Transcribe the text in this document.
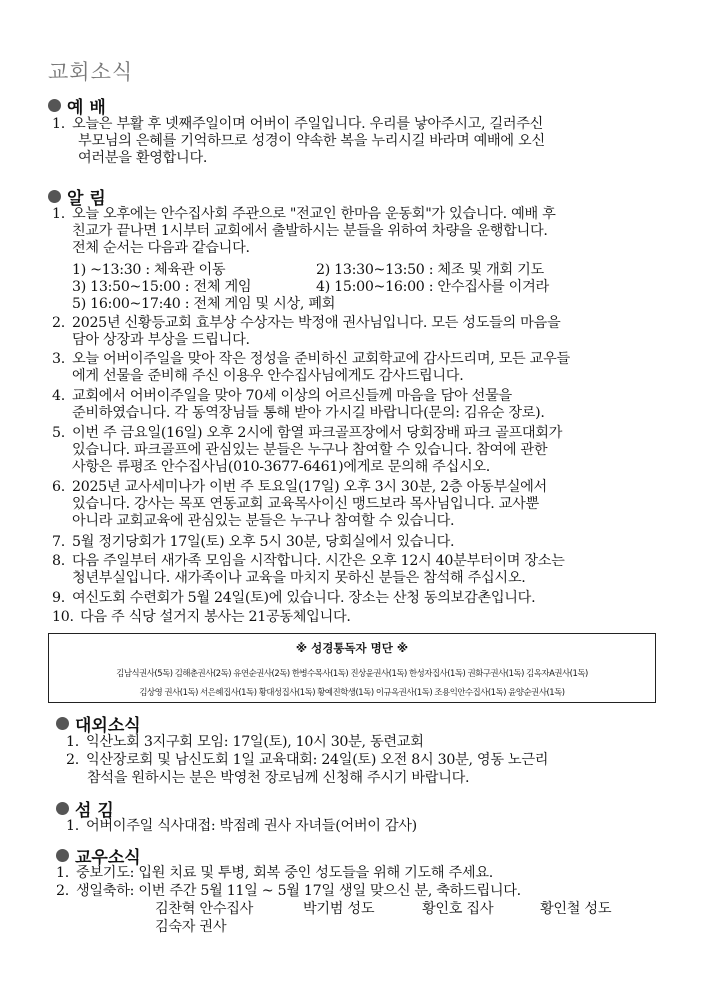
교회소식
예 배
1. 오늘은 부활 후 넷째주일이며 어버이 주일입니다. 우리를 낳아주시고, 길러주신
부모님의 은혜를 기억하므로 성경이 약속한 복을 누리시길 바라며 예배에 오신
여러분을 환영합니다.
알 림
1. 오늘 오후에는 안수집사회 주관으로 "전교인 한마음 운동회"가 있습니다. 예배 후
친교가 끝나면 1시부터 교회에서 출발하시는 분들을 위하여 차량을 운행합니다.
전체 순서는 다음과 같습니다.
1) ~13:30 : 체육관 이동	2) 13:30~13:50 : 체조 및 개회 기도
3) 13:50~15:00 : 전체 게임	4) 15:00~16:00 : 안수집사를 이겨라
5) 16:00~17:40 : 전체 게임 및 시상, 폐회
2. 2025년 신황등교회 효부상 수상자는 박정애 권사님입니다. 모든 성도들의 마음을
담아 상장과 부상을 드립니다.
3. 오늘 어버이주일을 맞아 작은 정성을 준비하신 교회학교에 감사드리며, 모든 교우들
에게 선물을 준비해 주신 이용우 안수집사님에게도 감사드립니다.
4. 교회에서 어버이주일을 맞아 70세 이상의 어르신들께 마음을 담아 선물을
준비하였습니다. 각 동역장님들 통해 받아 가시길 바랍니다(문의: 김유순 장로).
5. 이번 주 금요일(16일) 오후 2시에 함열 파크골프장에서 당회장배 파크 골프대회가
있습니다. 파크골프에 관심있는 분들은 누구나 참여할 수 있습니다. 참여에 관한
사항은 류평조 안수집사님(010-3677-6461)에게로 문의해 주십시오.
6. 2025년 교사세미나가 이번 주 토요일(17일) 오후 3시 30분, 2층 아동부실에서
있습니다. 강사는 목포 연동교회 교육목사이신 맹드보라 목사님입니다. 교사뿐
아니라 교회교육에 관심있는 분들은 누구나 참여할 수 있습니다.
7. 5월 정기당회가 17일(토) 오후 5시 30분, 당회실에서 있습니다.
8. 다음 주일부터 새가족 모임을 시작합니다. 시간은 오후 12시 40분부터이며 장소는
청년부실입니다. 새가족이나 교육을 마치지 못하신 분들은 참석해 주십시오.
9. 여신도회 수련회가 5월 24일(토)에 있습니다. 장소는 산청 동의보감촌입니다.
10. 다음 주 식당 설거지 봉사는 21공동체입니다.
※ 성경통독자 명단 ※
김남식권사(5독) 김해춘권사(2독) 유연순권사(2독) 한병수목사(1독) 진상윤권사(1독) 한성자집사(1독) 권화구권사(1독) 김옥자A권사(1독)
김상영 권사(1독) 서은혜집사(1독) 황대성집사(1독) 황예진학생(1독) 이규옥권사(1독) 조용익안수집사(1독) 윤양순권사(1독)
대외소식
1. 익산노회 3지구회 모임: 17일(토), 10시 30분, 동련교회
2. 익산장로회 및 남신도회 1일 교육대회: 24일(토) 오전 8시 30분, 영동 노근리
참석을 원하시는 분은 박영천 장로님께 신청해 주시기 바랍니다.
섬 김
1. 어버이주일 식사대접: 박점례 권사 자녀들(어버이 감사)
교우소식
1. 중보기도: 입원 치료 및 투병, 회복 중인 성도들을 위해 기도해 주세요.
2. 생일축하: 이번 주간 5월 11일 ~ 5월 17일 생일 맞으신 분, 축하드립니다.
김찬혁 안수집사	박기범 성도	황인호 집사	황인철 성도
김숙자 권사
